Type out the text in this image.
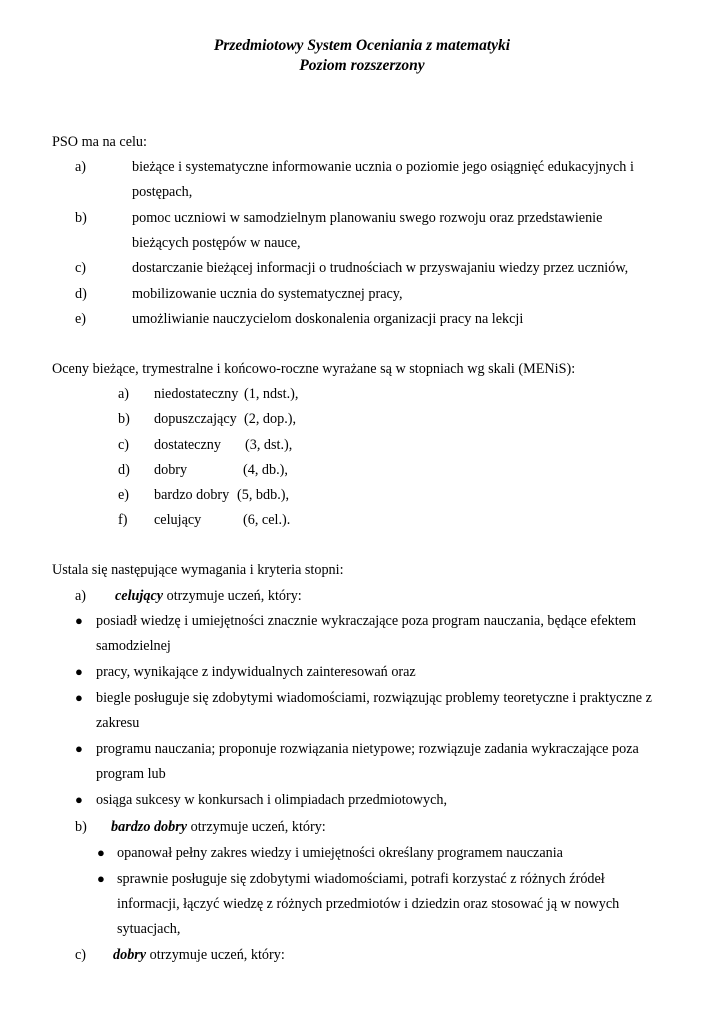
Przedmiotowy System Oceniania z matematyki
Poziom rozszerzony
PSO ma na celu:
a)	bieżące i systematyczne informowanie ucznia o poziomie jego osiągnięć edukacyjnych i
postępach,
b)	pomoc uczniowi w samodzielnym planowaniu swego rozwoju oraz przedstawienie
bieżących postępów w nauce,
c)	dostarczanie bieżącej informacji o trudnościach w przyswajaniu wiedzy przez uczniów,
d)	mobilizowanie ucznia do systematycznej pracy,
e)	umożliwianie nauczycielom doskonalenia organizacji pracy na lekcji
Oceny bieżące, trymestralne i końcowo-roczne wyrażane są w stopniach wg skali (MENiS):
a) niedostateczny (1, ndst.),
b) dopuszczający (2, dop.),
c) dostateczny (3, dst.),
d) dobry	(4, db.),
e) bardzo dobry (5, bdb.),
f) celujący	(6, cel.).
Ustala się następujące wymagania i kryteria stopni:
a) celujący otrzymuje uczeń, który:
● posiadł wiedzę i umiejętności znacznie wykraczające poza program nauczania, będące efektem
samodzielnej
● pracy, wynikające z indywidualnych zainteresowań oraz
● biegle posługuje się zdobytymi wiadomościami, rozwiązując problemy teoretyczne i praktyczne z
zakresu
● programu nauczania; proponuje rozwiązania nietypowe; rozwiązuje zadania wykraczające poza
program lub
● osiąga sukcesy w konkursach i olimpiadach przedmiotowych,
b) bardzo dobry otrzymuje uczeń, który:
● opanował pełny zakres wiedzy i umiejętności określany programem nauczania
● sprawnie posługuje się zdobytymi wiadomościami, potrafi korzystać z różnych źródeł
informacji, łączyć wiedzę z różnych przedmiotów i dziedzin oraz stosować ją w nowych
sytuacjach,
c) dobry otrzymuje uczeń, który:
